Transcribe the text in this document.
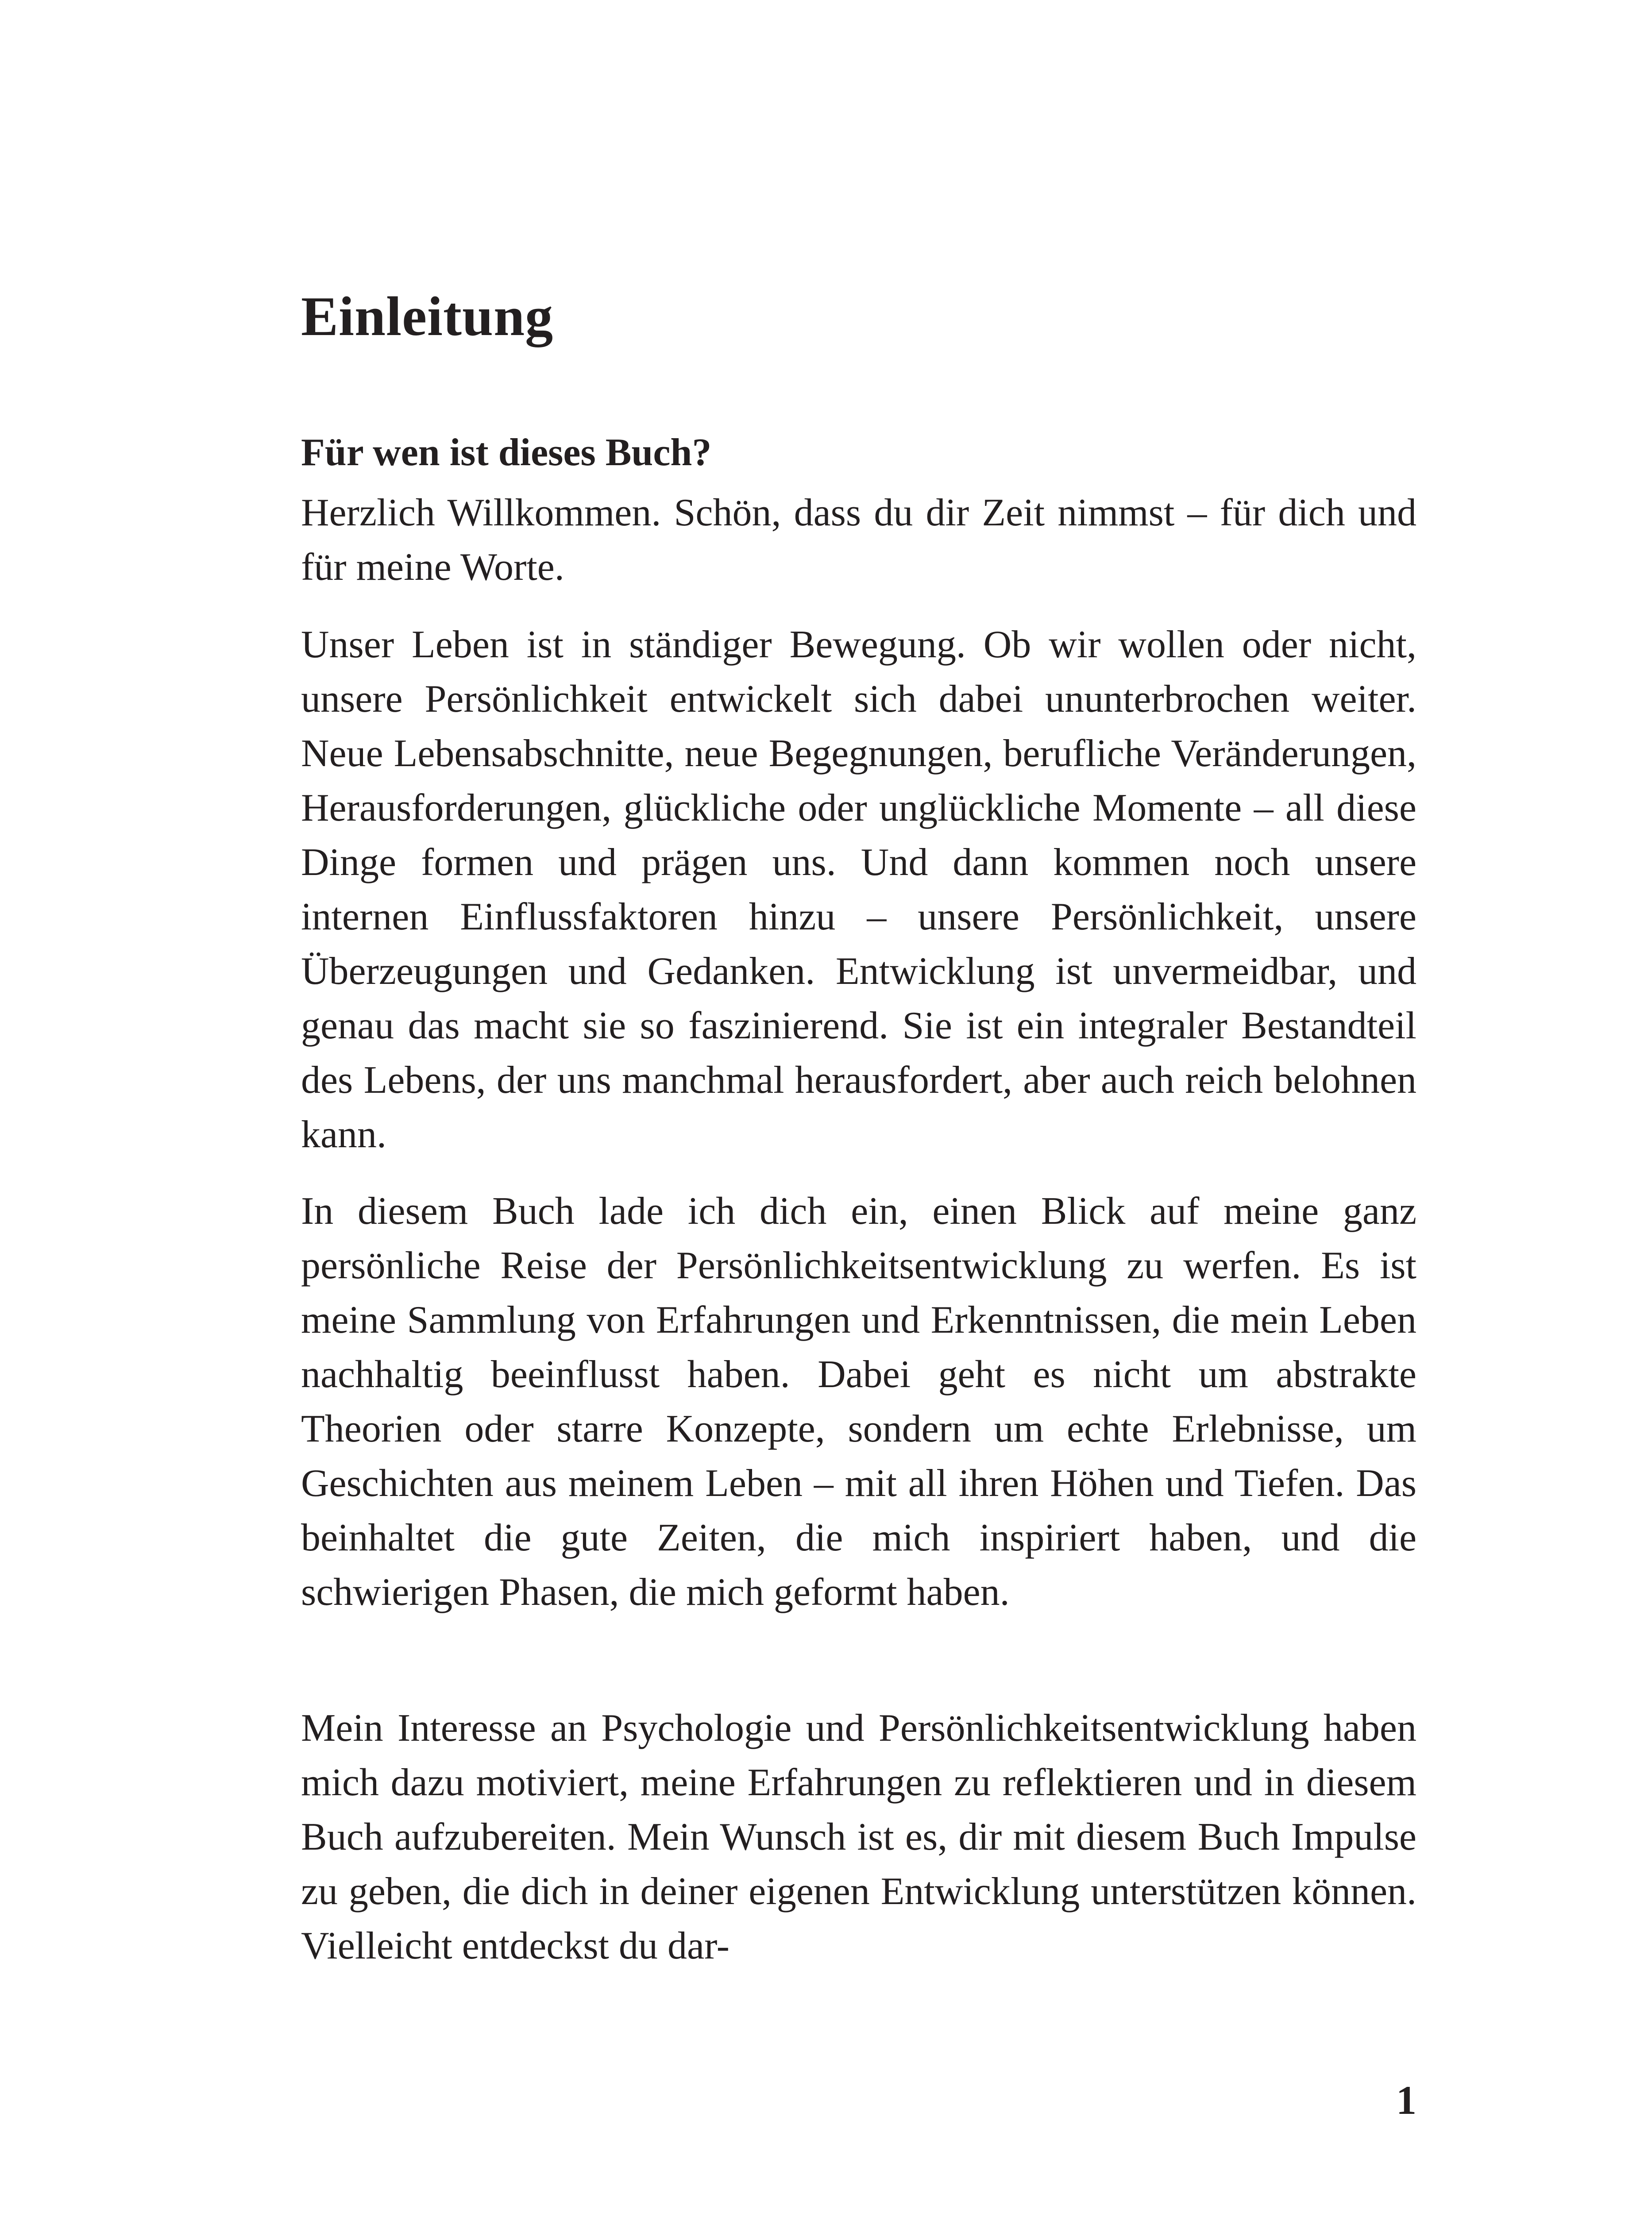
Einleitung
Für wen ist dieses Buch?

Herzlich Willkommen. Schön, dass du dir Zeit nimmst – für dich und für meine Worte.

Unser Leben ist in ständiger Bewegung. Ob wir wollen oder nicht, unsere Persönlichkeit entwickelt sich dabei ununterbrochen weiter. Neue Lebensabschnitte, neue Begegnungen, berufliche Veränderungen, Herausforderungen, glückliche oder unglückliche Momente – all diese Dinge formen und prägen uns. Und dann kommen noch unsere internen Einflussfaktoren hinzu – unsere Persönlichkeit, unsere Überzeugungen und Gedanken. Entwicklung ist unvermeidbar, und genau das macht sie so faszinierend. Sie ist ein integraler Bestandteil des Lebens, der uns manchmal herausfordert, aber auch reich belohnen kann.

In diesem Buch lade ich dich ein, einen Blick auf meine ganz persönliche Reise der Persönlichkeitsentwicklung zu werfen. Es ist meine Sammlung von Erfahrungen und Erkenntnissen, die mein Leben nachhaltig beeinflusst haben. Dabei geht es nicht um abstrakte Theorien oder starre Konzepte, sondern um echte Erlebnisse, um Geschichten aus meinem Leben – mit all ihren Höhen und Tiefen. Das beinhaltet die gute Zeiten, die mich inspiriert haben, und die schwierigen Phasen, die mich geformt haben.

Mein Interesse an Psychologie und Persönlichkeitsentwicklung haben mich dazu motiviert, meine Erfahrungen zu reflektieren und in diesem Buch aufzubereiten. Mein Wunsch ist es, dir mit diesem Buch Impulse zu geben, die dich in deiner eigenen Entwicklung unterstützen können. Vielleicht entdeckst du dar-

1
